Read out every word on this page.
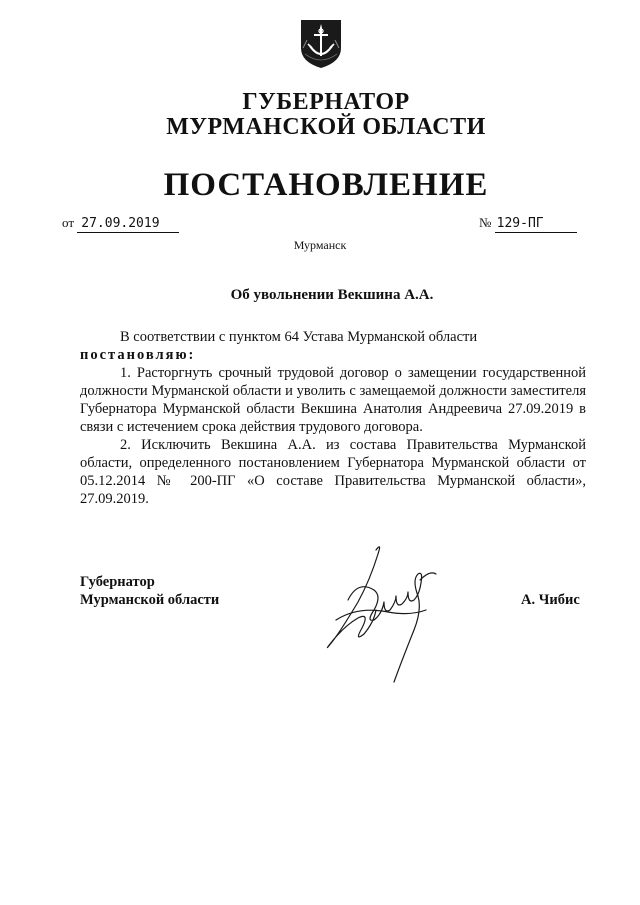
ГУБЕРНАТОР
МУРМАНСКОЙ ОБЛАСТИ
ПОСТАНОВЛЕНИЕ
от 27.09.2019	№ 129-ПГ
Мурманск
Об увольнении Векшина А.А.

В соответствии с пунктом 64 Устава Мурманской области

постановляю:

1. Расторгнуть срочный трудовой договор о замещении государственной должности Мурманской области и уволить с замещаемой должности заместителя Губернатора Мурманской области Векшина Анатолия Андреевича 27.09.2019 в связи с истечением срока действия трудового договора.

2. Исключить Векшина А.А. из состава Правительства Мурманской области, определенного постановлением Губернатора Мурманской области от 05.12.2014 № 200-ПГ «О составе Правительства Мурманской области», 27.09.2019.

Губернатор
Мурманской области	А. Чибис
